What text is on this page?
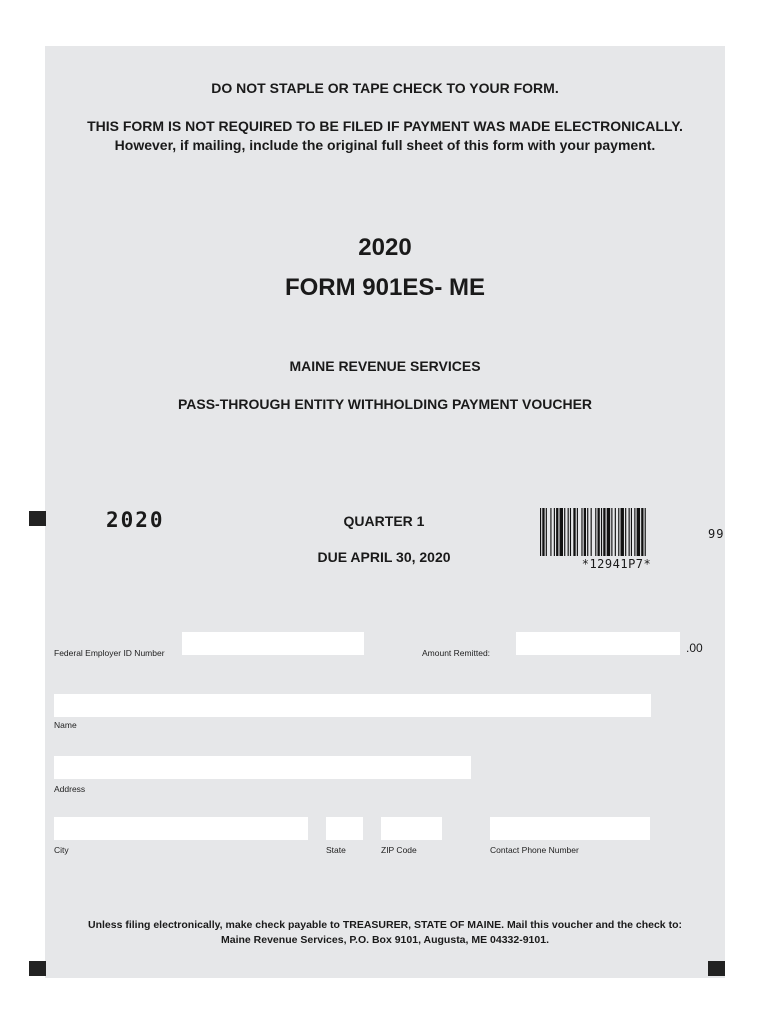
DO NOT STAPLE OR TAPE CHECK TO YOUR FORM.
THIS FORM IS NOT REQUIRED TO BE FILED IF PAYMENT WAS MADE ELECTRONICALLY.
However, if mailing, include the original full sheet of this form with your payment.
2020
FORM 901ES- ME
MAINE REVENUE SERVICES
PASS-THROUGH ENTITY WITHHOLDING PAYMENT VOUCHER
2020	QUARTER 1
DUE APRIL 30, 2020	*12941P7*
99
Federal Employer ID Number	Amount Remitted:	.00
Name
Address
City	State	ZIP Code	Contact Phone Number
Unless filing electronically, make check payable to TREASURER, STATE OF MAINE. Mail this voucher and the check to:
Maine Revenue Services, P.O. Box 9101, Augusta, ME 04332-9101.
